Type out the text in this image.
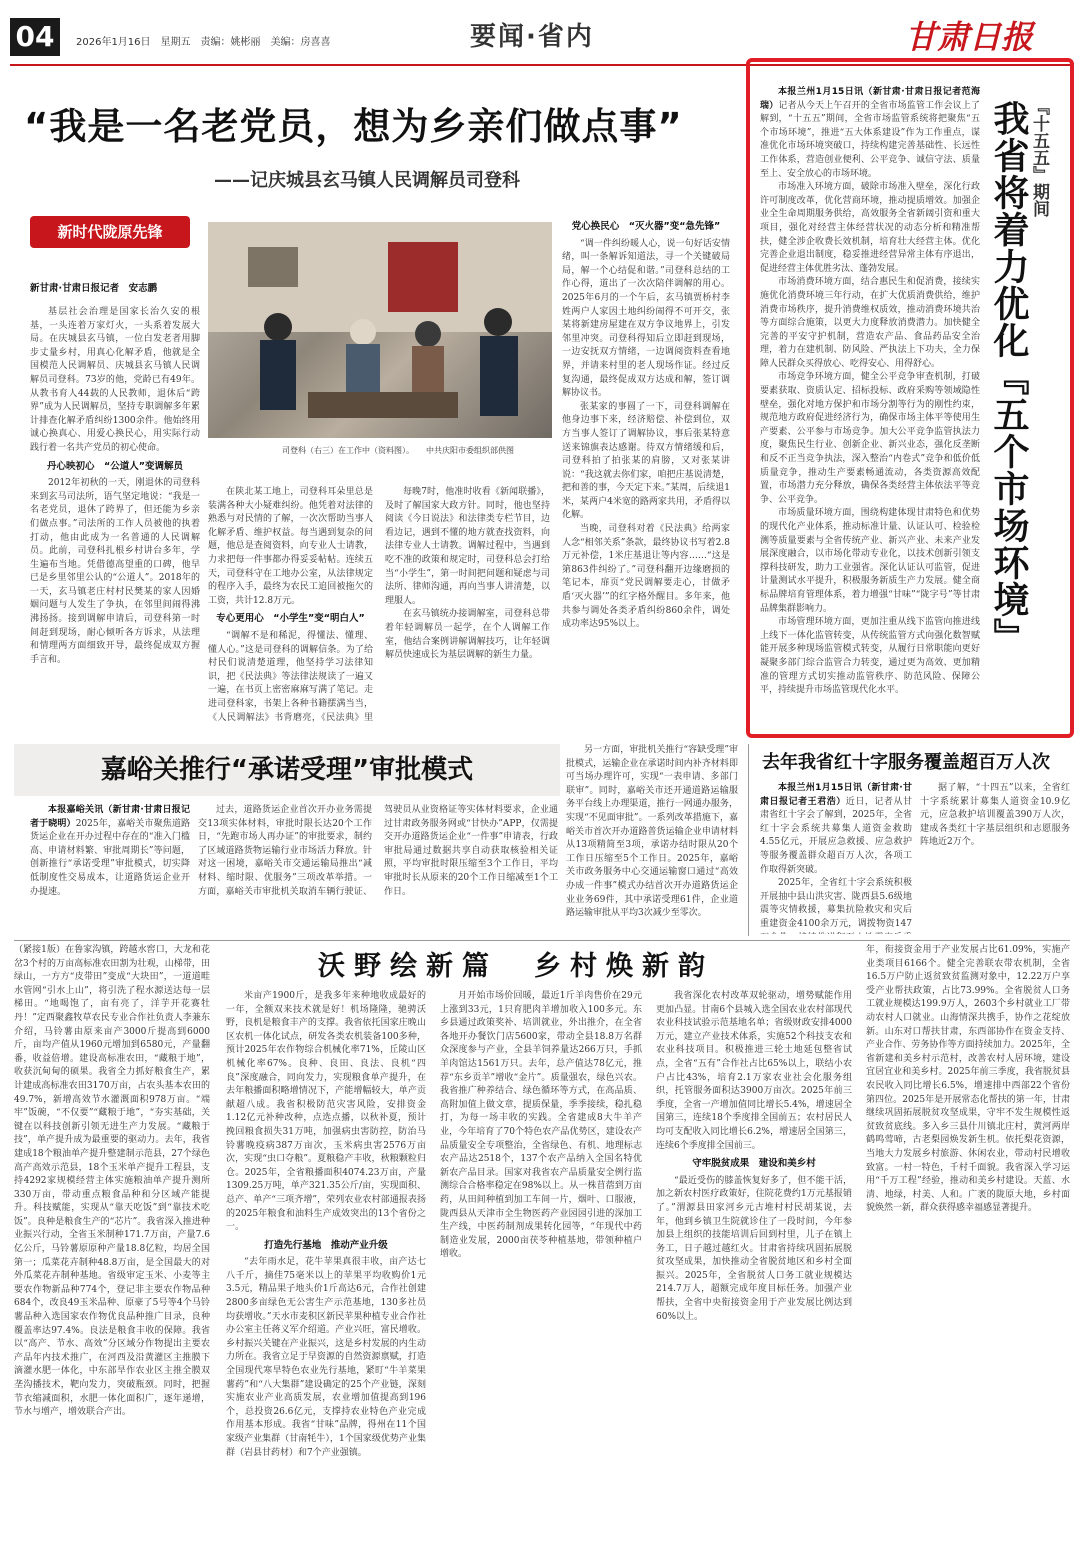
04	2026年1月16日　星期五　责编：姚彬丽　美编：房喜喜	要闻·省内	甘肃日报
“我是一名老党员，想为乡亲们做点事”
——记庆城县玄马镇人民调解员司登科
新时代陇原先锋
新甘肃·甘肃日报记者　安志鹏
司登科（右三）在工作中（资料图）。　　中共庆阳市委组织部供图

基层社会治理是国家长治久安的根基，一头连着万家灯火，一头系着发展大局。在庆城县玄马镇，一位白发老者用脚步丈量乡村，用真心化解矛盾，他就是全国模范人民调解员、庆城县玄马镇人民调解员司登科。73岁的他，党龄已有49年。从教书育人44载的人民教师，退休后“跨界”成为人民调解员，坚持专职调解多年累计排查化解矛盾纠纷1300余件。他始终用诚心换真心、用爱心换民心，用实际行动践行着一名共产党员的初心使命。

丹心映初心　“公道人”变调解员

2012年初秋的一天，刚退休的司登科来到玄马司法所，语气坚定地说：“我是一名老党员，退休了跨界了，但还能为乡亲们做点事。”司法所的工作人员被他的执着打动，他由此成为一名普通的人民调解员。此前，司登科扎根乡村讲台多年，学生遍布当地。凭借德高望重的口碑，他早已是乡里邻里公认的“公道人”。2018年的一天，玄马镇老庄村村民樊某的家人因婚姻问题与人发生了争执，在邻里间闹得沸沸扬扬。接到调解申请后，司登科第一时间赶到现场，耐心倾听各方诉求，从法理和情理两方面细致开导，最终促成双方握手言和。

在陕北某工地上，司登科耳朵里总是装满各种大小疑难纠纷。他凭着对法律的熟悉与对民情的了解，一次次帮助当事人化解矛盾、维护权益。每当遇到复杂的问题，他总是查阅资料，向专业人士请教，力求把每一件事都办得妥妥帖帖。连续五天，司登科守在工地办公室，从法律规定的程序入手，最终为农民工追回被拖欠的工资，共计12.8万元。

专心更用心　“小学生”变“明白人”

“调解不是和稀泥，得懂法、懂理、懂人心。”这是司登科的调解信条。为了给村民们说清楚道理，他坚持学习法律知识，把《民法典》等法律法规读了一遍又一遍，在书页上密密麻麻写满了笔记。走进司登科家，书架上各种书籍摆满当当，《人民调解法》书背磨亮，《民法典》里

每晚7时，他准时收看《新闻联播》，及时了解国家大政方针。同时，他也坚持阅读《今日说法》和法律类专栏节目，边看边记，遇到不懂的地方就查找资料，向法律专业人士请教。调解过程中，当遇到吃不准的政策和规定时，司登科总会打给当“小学生”，第一时间把问题和疑虑与司法所、律师沟通，再向当事人讲清楚，以理服人。

在玄马镇统办接调解室，司登科总带着年轻调解员一起学，在个人调解工作室，他结合案例讲解调解技巧，让年轻调解员快速成长为基层调解的新生力量。

党心换民心　“灭火器”变“急先锋”

“调一件纠纷暖人心，说一句好话安情绪，叫一条解诉知道法，寻一个关键破局局，解一个心结促和谐。”司登科总结的工作心得，道出了一次次陪伴调解的用心。2025年6月的一个午后，玄马镇贾桥村李姓两户人家因土地纠纷闹得不可开交，张某将新建房屋建在双方争议地界上，引发邻里冲突。司登科得知后立即赶到现场，一边安抚双方情绪，一边调阅资料查看地界，并请来村里的老人现场作证。经过反复沟通，最终促成双方达成和解，签订调解协议书。

张某家的事圆了一下，司登科调解在他身边事下来，经济赔偿、补偿到位，双方当事人签订了调解协议，事后张某特意送来锦旗表达感谢。待双方情绪缓和后，司登科拍了拍张某的肩膀，又对张某讲说：“我这就去你们家，咱把庄基说清楚，把和善的事，今天定下来。”某周，后续退1米，某两户4米宽的路两家共用，矛盾得以化解。

当晚，司登科对着《民法典》给两家人念“相邻关系”条款，最终协议书写着2.8万元补偿，1米庄基退让等内容……“这是第863件纠纷了。”司登科翻开边缘磨损的笔记本，扉页“党民调解要走心，甘做矛盾‘灭火器’”的红字格外醒目。多年来，他共参与调处各类矛盾纠纷860余件，调处成功率达95%以上。

本报兰州1月15日讯（新甘肃·甘肃日报记者范海瑞）记者从今天上午召开的全省市场监管工作会议上了解到，“十五五”期间，全省市场监管系统将把聚焦“五个市场环境”，推进“五大体系建设”作为工作重点，谋准优化市场环境突破口，持续构建完善基础性、长远性工作体系，营造创业便利、公平竞争、诚信守法、质量至上、安全放心的市场环境。

市场准入环境方面，破除市场准入壁垒，深化行政许可制度改革，优化营商环境，推动提质增效。加强企业全生命周期服务供给，高效服务全省新阔引资和重大项目，强化对经营主体经营状况的动态分析和精准帮扶，健全涉企收费长效机制，培育壮大经营主体。优化完善企业退出制度，稳妥推进经营异常主体有序退出，促进经营主体优胜劣汰、蓬勃发展。

市场消费环境方面，结合惠民生和促消费，接续实施优化消费环境三年行动，在扩大优质消费供给，维护消费市场秩序，提升消费维权质效，推动消费环境共治等方面综合施策，以更大力度释放消费潜力。加快健全完善的平安守护机制，营造农产品、食品药品安全治理，着力在建机制、防风险、严执法上下功夫，全力保障人民群众买得放心、吃得安心、用得舒心。

市场竞争环境方面，健全公平竞争审查机制，打破要素获取、资质认定、招标投标、政府采购等领域隐性壁垒，强化对地方保护和市场分割等行为的刚性约束，规范地方政府促进经济行为，确保市场主体平等使用生产要素、公平参与市场竞争。加大公平竞争监管执法力度，聚焦民生行业、创新企业、新兴业态，强化反垄断和反不正当竞争执法，深入整治“内卷式”竞争和低价低质量竞争，推动生产要素畅通流动，各类资源高效配置，市场潜力充分释放，确保各类经营主体依法平等竞争、公平竞争。

市场质量环境方面，围绕构建体现甘肃特色和优势的现代化产业体系，推动标准计量、认证认可、检验检测等质量要素与全省传统产业、新兴产业、未来产业发展深度融合，以市场化带动专业化，以技术创新引领支撑科技研发，助力工业强省。深化认证认可监管，促进计量测试水平提升，积极服务新质生产力发展。健全商标品牌培育管理体系，着力增强“甘味”“陇字号”等甘肃品牌集群影响力。

市场管理环境方面，更加注重从线下监管向推进线上线下一体化监管转变，从传统监管方式向强化数智赋能开展多种现场监管模式转变，从履行日常职能向更好凝聚多部门综合监管合力转变，通过更为高效、更加精准的管理方式切实推动监管秩序、防范风险、保障公平，持续提升市场监管现代化水平。

『十五五』期间
我省将着力优化『五个市场环境』
去年我省红十字服务覆盖超百万人次

本报兰州1月15日讯（新甘肃·甘肃日报记者王君浩）近日，记者从甘肃省红十字会了解到，2025年，全省红十字会系统共募集人道资金救助4.55亿元，开展应急救援、应急救护等服务覆盖群众超百万人次，各项工作取得新突破。

2025年，全省红十字会系统积极开展抽中县山洪灾害、陇西县5.6级地震等灾情救援，募集抗险救灾和灾后重建资金4100余万元，调拨物资147

据了解，“十四五”以来，全省红十字系统累计募集人道资金10.9亿元，应急救护培训覆盖390万人次，建成各类红十字基层组织和志愿服务阵地近2万个。

嘉峪关推行“承诺受理”审批模式

本报嘉峪关讯（新甘肃·甘肃日报记者于晓明）2025年，嘉峪关市聚焦道路货运企业在开办过程中存在的“准入门槛高、申请材料繁、审批周期长”等问题，创新推行“承诺受理”审批模式，切实降低制度性交易成本，让道路货运企业开办提速。

过去，道路货运企业首次开办业务需提交13项实体材料，审批时限长达20个工作日，“先跑市场人再办证”的审批要求，制约了区域道路货物运输行业市场活力释放。针对这一困境，嘉峪关市交通运输局推出“减材料、缩时限、优服务”三项改革举措。一方面，嘉峪关市审批机关取消车辆行驶证、驾驶员从业资格证等实体材料要求，企业通过甘肃政务服务网或“甘快办”APP，仅需提交开办道路货运企业“一件事”申请表，行政审批局通过数据共享自动获取核验相关证照，平均审批时限压缩至3个工作日，平均审批时长从原来的20个工作日缩减至1个工作日。

另一方面，审批机关推行“容缺受理”审批模式，运输企业在承诺时间内补齐材料即可当场办理许可，实现“一表申请、多部门联审”。同时，嘉峪关市还开通道路运输服务平台线上办理渠道，推行一网通办服务，实现“不见面审批”。一系列改革措施下，嘉峪关市首次开办道路普货运输企业申请材料从13项精简至3项，承诺办结时限从20个工作日压缩至5个工作日。2025年，嘉峪关市政务服务中心交通运输窗口通过“高效办成一件事”模式办结首次开办道路货运企业业务69件，其中承诺受理61件，企业道路运输审批从平均3次减少至零次。

沃野绘新篇　乡村焕新韵

（紧接1版）在鲁家沟镇，跨越水窖口，大龙和花岔3个村的万亩高标准农田割为壮观，山梯带，田绿山，一方方“皮带田”变成“大块田”，一道道畦水管网“引水上山”，将引洗了程水源送达每一层梯田。“地喝饱了，亩有亮了，洋芋开花赛牡丹！”定西聚鑫牧草农民专业合作社负责人李兼东介绍，马铃薯由原来亩产3000斤提高到6000斤，亩均产值从1960元增加到6580元，产量翻番，收益倍增。建设高标准农田，“藏粮于地”，收获沉甸甸的硕果。我省全力抓好粮食生产，累计建成高标准农田3170万亩，占农头基本农田的49.7%，新增高效节水灌溉面积978万亩。“端牢”饭碗，“不仅要”“藏粮于地”，“夯实基础，关键在以科技创新引领无进生产力发展。“藏粮于技”，单产提升成为最重要的驱动力。去年，我省建成18个粮油单产提升整建制示范县，27个绿色高产高效示范县，18个玉米单产提升工程县，支持4292家规模经营主体实施粮油单产提升测所330万亩，带动重点粮食品种和分区域产能提升。科技赋能，实现从“靠天吃饭”到“靠技术吃饭”。良种是粮食生产的“芯片”。我省深入推进种业振兴行动，全省玉米制种171.7万亩，产量7.6亿公斤，马铃薯原原种产量18.8亿粒，均居全国第一；瓜菜花卉制种48.8万亩，是全国最大的对外瓜菜花卉制种基地。省级审定玉米、小麦等主要农作物新品种774个，登记非主要农作物品种684个，改良49玉米品种、原豪了5号等4个马铃薯品种入选国家农作物优良品种推广目录，良种覆盖率达97.4%。良法是粮食丰收的保障。我省以“高产、节水、高效”分区域分作物提出主要农产品年内技术推广，在河西及沿黄灌区主推膜下滴灌水肥一体化，中东部旱作农业区主推全膜双垄沟播技术，靶向发力，突破瓶颈。同时，把握节衣缩减面积，水肥一体化面积广，逐年递增，节水与增产，增效联合产出。

米亩产1900斤，是我多年来种地收成最好的一年，全额双来技术就是好！机场隆隆，驰骋沃野，良机是粮食丰产的支撑。我省依托国家庄晚山区农机一体化试点，研发各类农机装备100多种，预计2025年农作物综合机械化率71%，丘陵山区机械化率67%。良种、良田、良法、良机“四良”深度融合，同向发力，实现粮食单产提升，在去年粮播面积略增情况下，产能增幅较大，单产贡献超八成。我省积极防范灾害风险，安排资金1.12亿元补种改种，点选点播，以秋补夏，预计挽回粮食损失31万吨，加强病虫害防控，防治马铃薯晚疫病387万亩次，玉米病虫害2576万亩次，实现“虫口夺粮”。夏粮稳产丰收，秋粮颗粒归仓。2025年，全省粮播面积4074.23万亩，产量1309.25万吨，单产321.35公斤/亩，实现面积、总产、单产“三项齐增”，荣列农业农村部通报表扬的2025年粮食和油料生产成效突出的13个省份之一。

打造先行基地　推动产业升级

“去年雨水足，花牛苹果真很丰收，亩产达七八千斤，摘佳75毫米以上的苹果平均收购价1元3.5元，精品果子地头价1斤高达6元，合作社创建2800多亩绿色无公害生产示范基地，130多社员均获增收。”天水市麦积区新民苹果种植专业合作社办公室主任蒋义军介绍道。产业兴旺，富民增收。乡村振兴关键在产业振兴，这是乡村发展的内生动力所在。我省立足于早资源的自然资源禀赋，打造全国现代寒旱特色农业先行基地，紧盯“牛羊菜果薯药”和“八大集群”建设确定的25个产业链，深刻实施农业产业高质发展，农业增加值提高到196个，总投资26.6亿元，支撑持农业特色产业完成作用基本形成。我省“甘味”品牌，得州在11个国家级产业集群（甘南牦牛），1个国家级优势产业集群（岩县甘药材）和7个产业强镇。

月开始市场价回暖，最近1斤羊肉售价在29元上涨到33元，1只育肥肉羊增加收入100多元。东乡县通过政策奖补、培训就业，外出推介，在全省各地开办餐饮门店5600家，带动全县18.8万名群众深度参与产业，全县羊饲养量达266万只，手抓羊肉馆达1561万只。去年，总产值达78亿元，推荐“东乡贡羊”增收“金片”。质量强农，绿色兴农。我省推广种养结合、绿色循环等方式，在高品质、高附加值上做文章，提质保量，季季接续，稳扎稳打，为每一场丰收的实践。全省建成8大牛羊产业，今年培育了70个特色农产品优势区，建设农产品质量安全专项整治，全省绿色、有机、地理标志农产品达2518个，137个农产品纳入全国名特优新农产品目录。国家对我省农产品质量安全例行监测综合合格率稳定在98%以上。从一株苜蓿到万亩药，从田间种植到加工车间一片，烟叶、口服液，陇西县从天津市全生物医药产业园园引进的深加工生产线，中医药制剂成果转化园等，“年现代中药制造业发展，2000亩茯苓种植基地，带领种植户增收。

我省深化农村改革双轮驱动，增势赋能作用更加凸显。甘南6个县城入选全国农业农村部现代农业科技试验示范基地名单；省级财政安排4000万元，建立产业技术体系，实施52个科技支农和农业科技项目。积极推进三轮土地延包整省试点，全省“五有”合作社占比65%以上，联结小农户占比43%，培育2.1万家农业社会化服务组织，托管服务面积达3900万亩次。2025年前三季度，全省一产增加值同比增长5.4%，增速居全国第三，连续18个季度排全国前五；农村居民人均可支配收入同比增长6.2%，增速居全国第三，连续6个季度排全国前三。

守牢脱贫成果　建设和美乡村

“最近受伤的膝盖恢复好多了，但不能干活，加之新农村医疗政策好，住院花费约1万元基报销了。”渭源县田家河乡元古堆村村民胡某说，去年，他到乡镇卫生院就诊住了一段时间，今年参加县上组织的技能培训后回到村里，儿子在镇上务工，日子越过越红火。甘肃省持续巩固拓展脱贫攻坚成果，加快推动全省脱贫地区和乡村全面振兴。2025年，全省脱贫人口务工就业规模达214.7万人，超额完成年度目标任务。加强产业帮扶，全省中央衔接资金用于产业发展比例达到60%以上。

年，衔接资金用于产业发展占比61.09%，实施产业类项目6166个。健全完善联农带农机制，全省16.5万户防止返贫致贫监测对象中，12.22万户享受产业帮扶政策，占比73.99%。全省脱贫人口务工就业规模达199.9万人，2603个乡村就业工厂带动农村人口就业。山海情深共携手，协作之花绽放新。山东对口帮扶甘肃，东西部协作在资金支持、产业合作、劳务协作等方面持续加力。2025年，全省新建和美乡村示范村，改善农村人居环境，建设宜居宜业和美乡村。2025年前三季度，我省脱贫县农民收入同比增长6.5%，增速排中西部22个省份第四位。2025年是开展常态化帮扶的第一年，甘肃继续巩固拓展脱贫攻坚成果，守牢不发生规模性返贫致贫底线。多入乡三县什川镇北庄村，黄河两岸鹤鸣莺啼，古老梨园焕发新生机。依托梨花资源，当地大力发展乡村旅游、休闲农业，带动村民增收致富。一村一特色，千村千面貌。我省深入学习运用“千万工程”经验，推动和美乡村建设。天蓝、水清、地绿，村美、人和。广袤的陇原大地，乡村面貌焕然一新，群众获得感幸福感显著提升。
